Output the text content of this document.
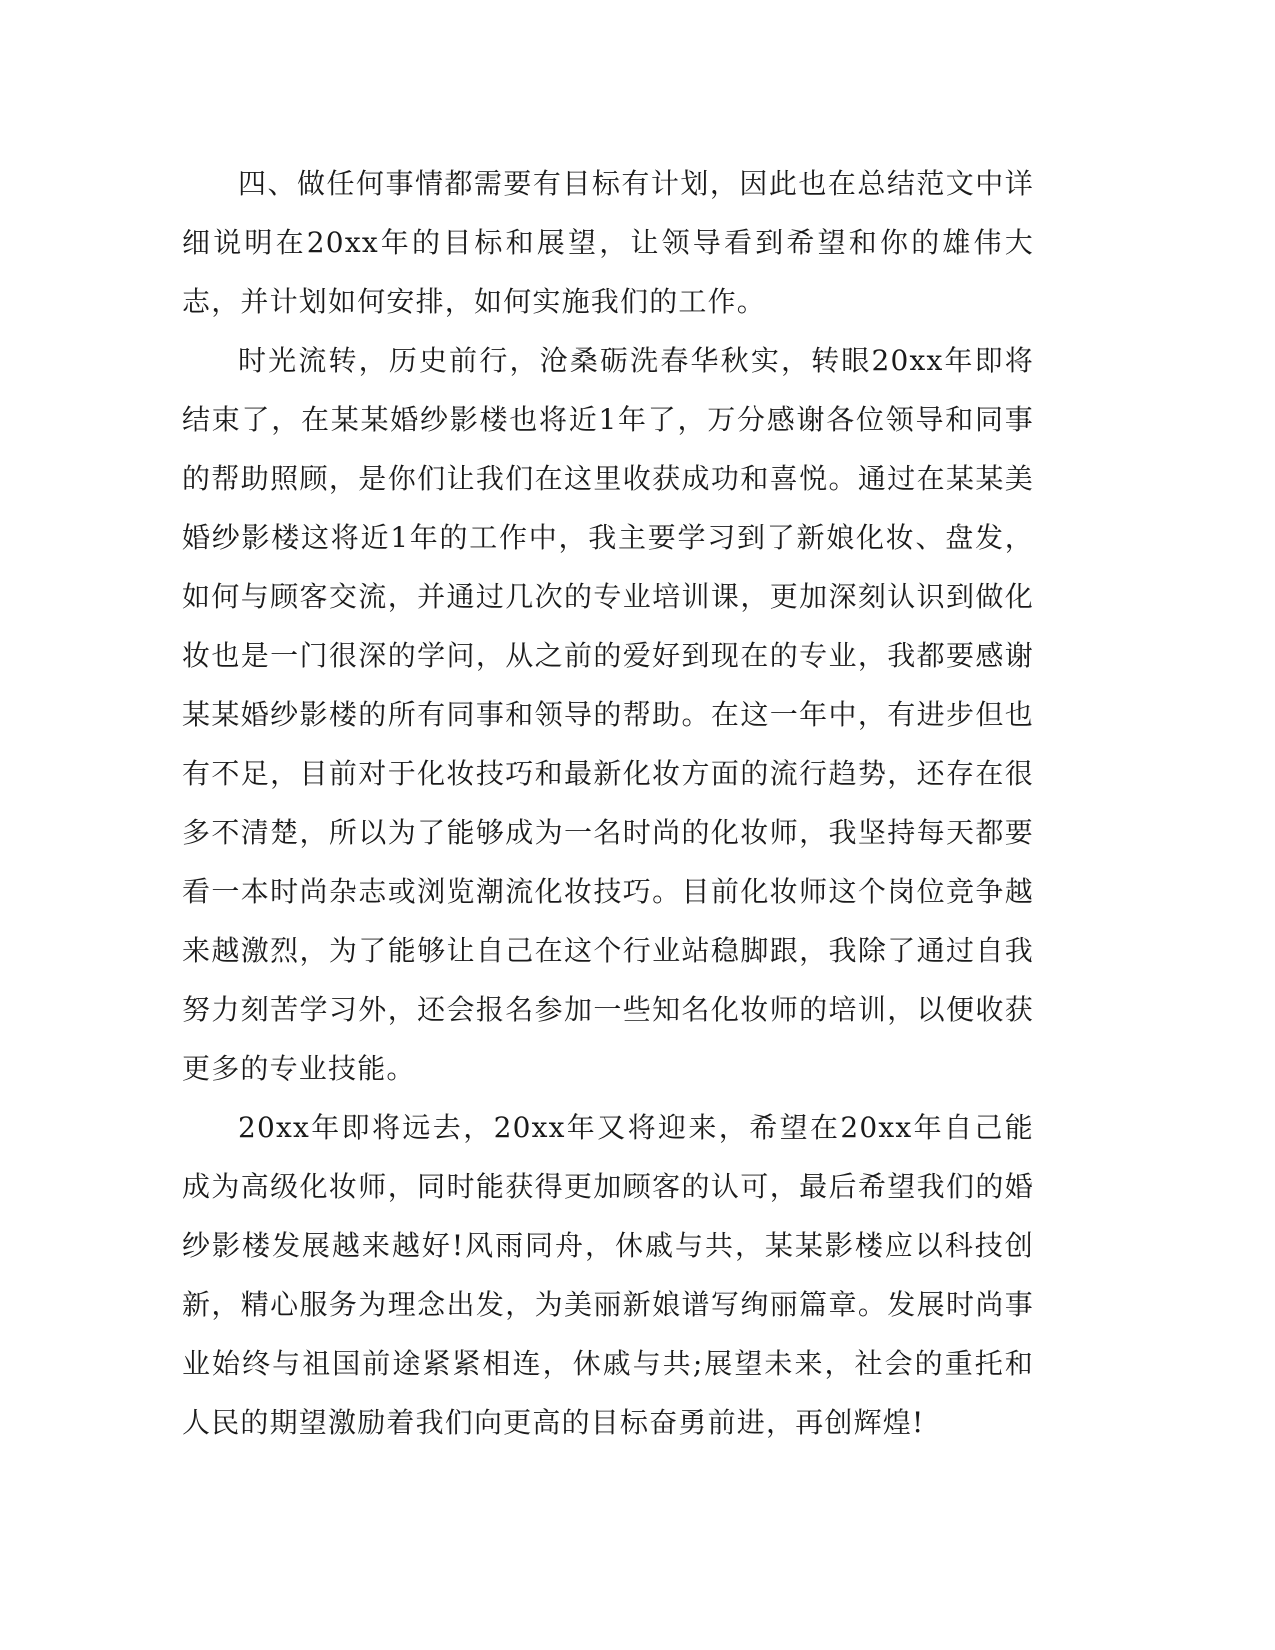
四、做任何事情都需要有目标有计划，因此也在总结范文中详细说明在20xx年的目标和展望，让领导看到希望和你的雄伟大志，并计划如何安排，如何实施我们的工作。

时光流转，历史前行，沧桑砺洗春华秋实，转眼20xx年即将结束了，在某某婚纱影楼也将近1年了，万分感谢各位领导和同事的帮助照顾，是你们让我们在这里收获成功和喜悦。通过在某某美婚纱影楼这将近1年的工作中，我主要学习到了新娘化妆、盘发，如何与顾客交流，并通过几次的专业培训课，更加深刻认识到做化妆也是一门很深的学问，从之前的爱好到现在的专业，我都要感谢某某婚纱影楼的所有同事和领导的帮助。在这一年中，有进步但也有不足，目前对于化妆技巧和最新化妆方面的流行趋势，还存在很多不清楚，所以为了能够成为一名时尚的化妆师，我坚持每天都要看一本时尚杂志或浏览潮流化妆技巧。目前化妆师这个岗位竞争越来越激烈，为了能够让自己在这个行业站稳脚跟，我除了通过自我努力刻苦学习外，还会报名参加一些知名化妆师的培训，以便收获更多的专业技能。

20xx年即将远去，20xx年又将迎来，希望在20xx年自己能成为高级化妆师，同时能获得更加顾客的认可，最后希望我们的婚纱影楼发展越来越好!风雨同舟，休戚与共，某某影楼应以科技创新，精心服务为理念出发，为美丽新娘谱写绚丽篇章。发展时尚事业始终与祖国前途紧紧相连，休戚与共;展望未来，社会的重托和人民的期望激励着我们向更高的目标奋勇前进，再创辉煌!
